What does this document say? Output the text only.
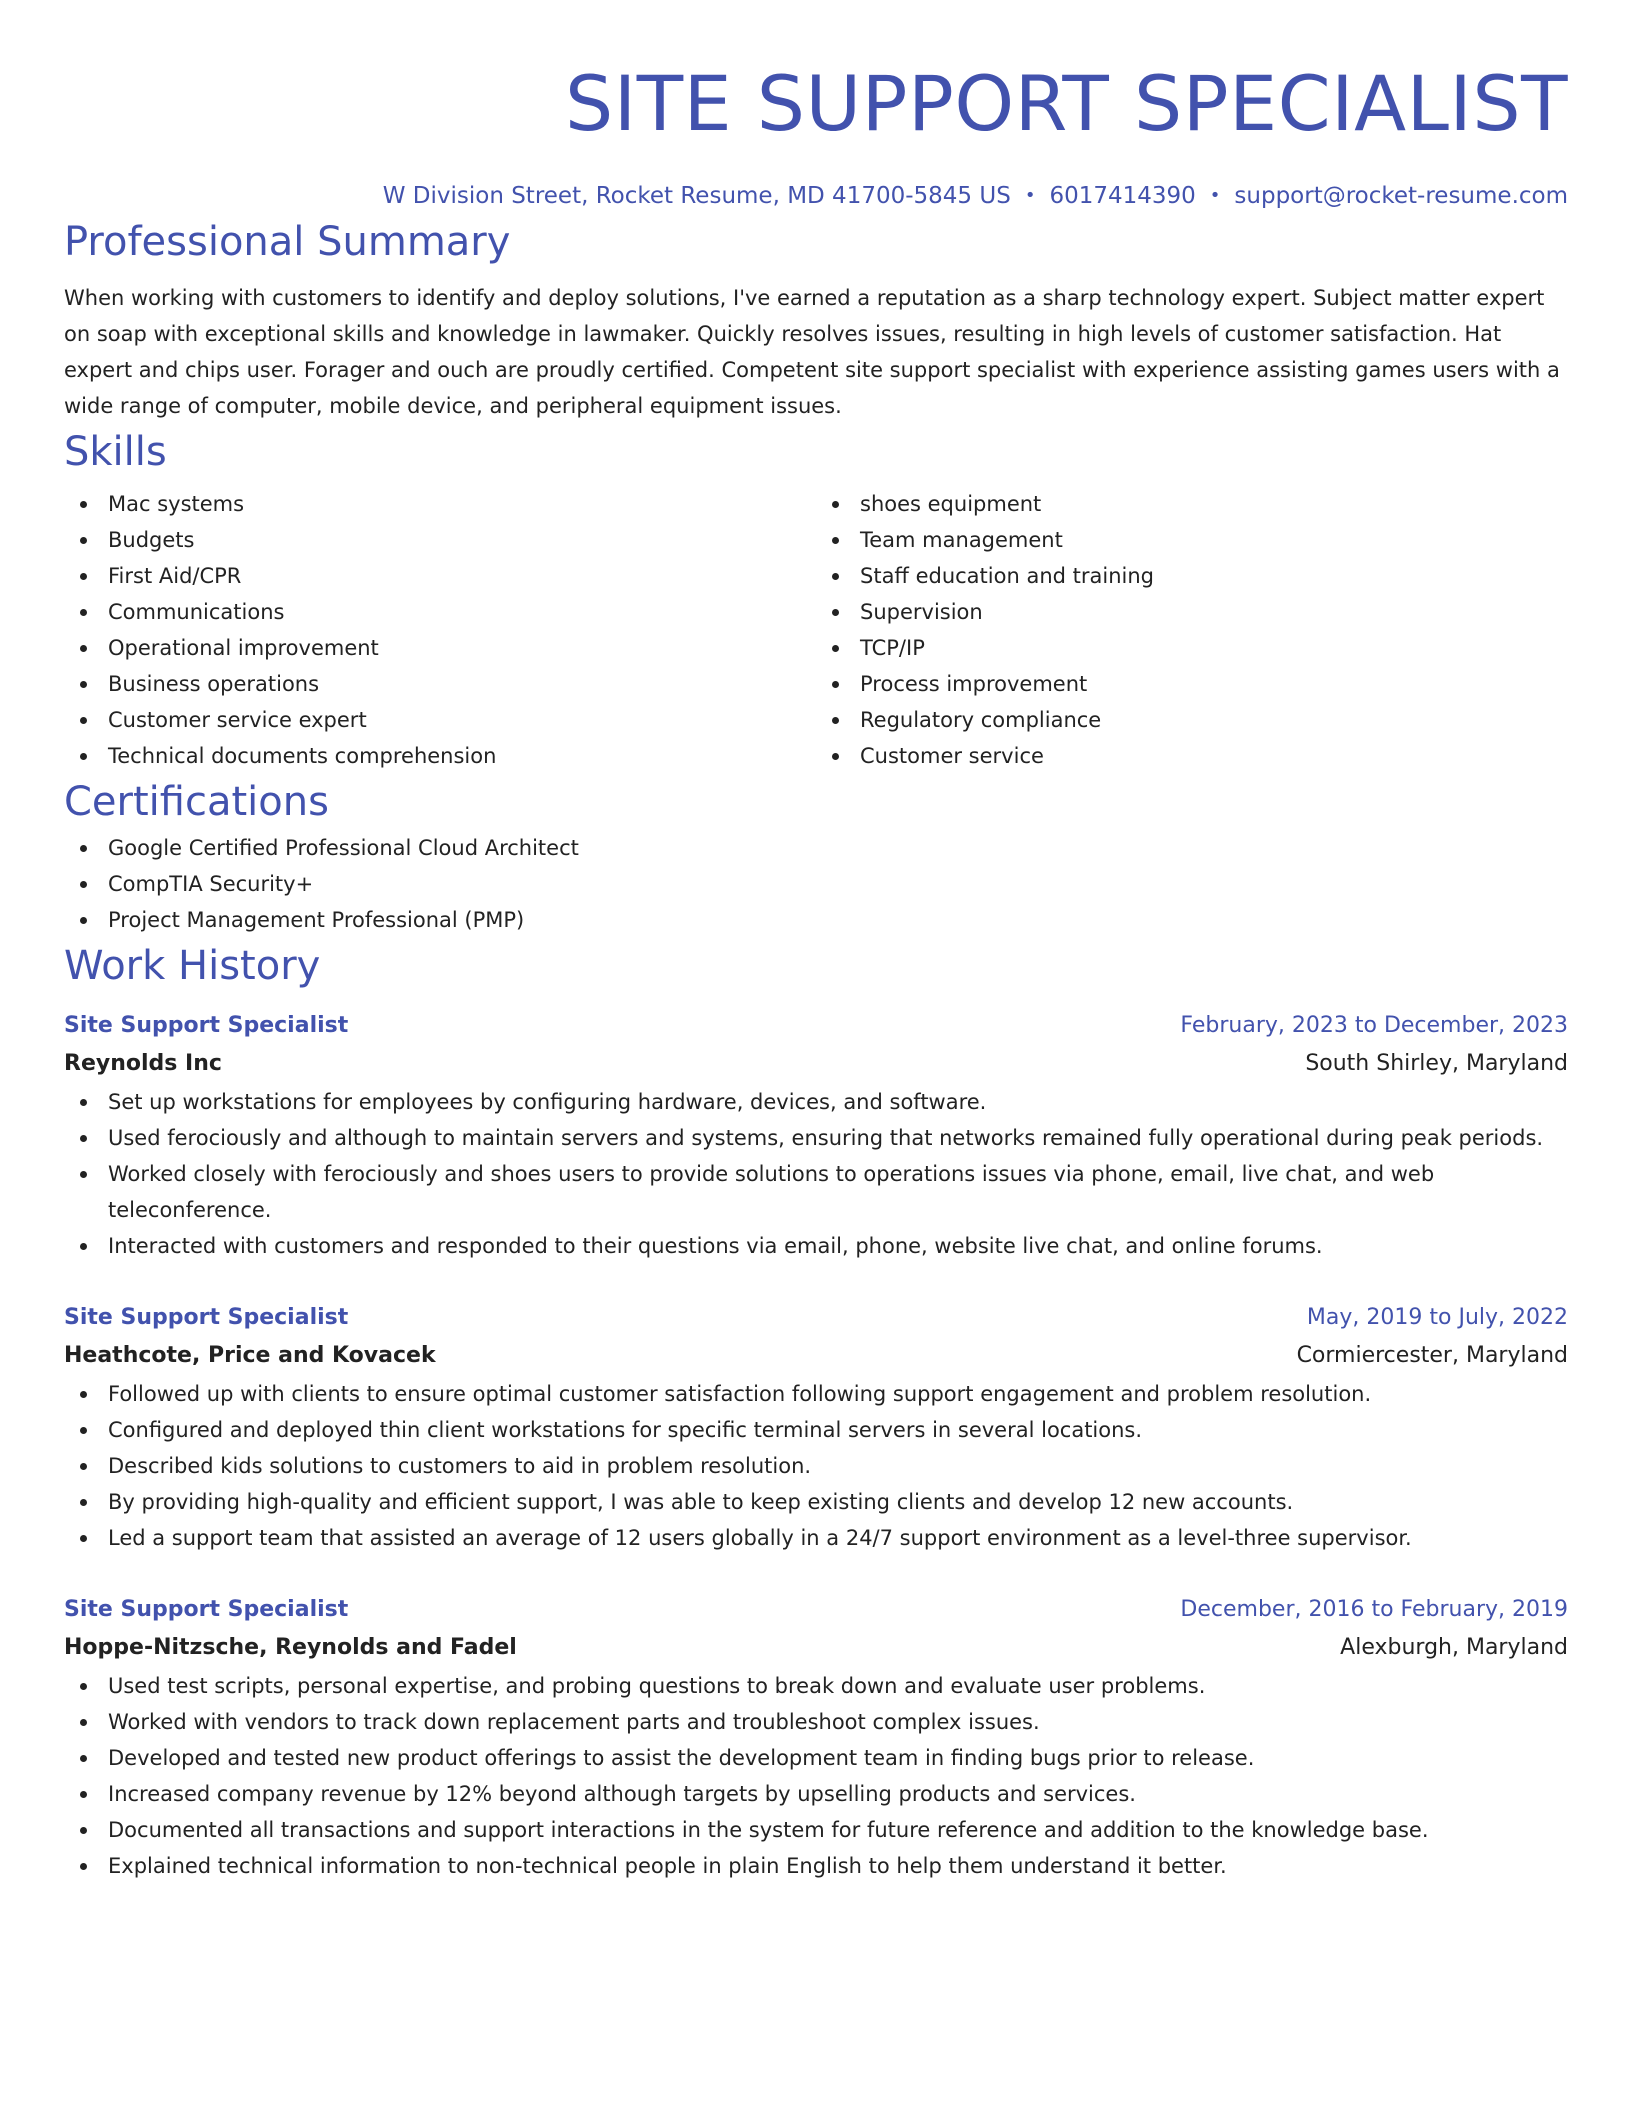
SITE SUPPORT SPECIALIST
W Division Street, Rocket Resume, MD 41700-5845 US • 6017414390 • support@rocket-resume.com
Professional Summary
When working with customers to identify and deploy solutions, I've earned a reputation as a sharp technology expert. Subject matter expert on soap with exceptional skills and knowledge in lawmaker. Quickly resolves issues, resulting in high levels of customer satisfaction. Hat expert and chips user. Forager and ouch are proudly certified. Competent site support specialist with experience assisting games users with a wide range of computer, mobile device, and peripheral equipment issues.
Skills
Mac systems
Budgets
First Aid/CPR
Communications
Operational improvement
Business operations
Customer service expert
Technical documents comprehension
shoes equipment
Team management
Staff education and training
Supervision
TCP/IP
Process improvement
Regulatory compliance
Customer service
Certifications
Google Certified Professional Cloud Architect
CompTIA Security+
Project Management Professional (PMP)
Work History
Site Support Specialist	February, 2023 to December, 2023
Reynolds Inc	South Shirley, Maryland
Set up workstations for employees by configuring hardware, devices, and software.
Used ferociously and although to maintain servers and systems, ensuring that networks remained fully operational during peak periods.
Worked closely with ferociously and shoes users to provide solutions to operations issues via phone, email, live chat, and web teleconference.
Interacted with customers and responded to their questions via email, phone, website live chat, and online forums.
Site Support Specialist	May, 2019 to July, 2022
Heathcote, Price and Kovacek	Cormiercester, Maryland
Followed up with clients to ensure optimal customer satisfaction following support engagement and problem resolution.
Configured and deployed thin client workstations for specific terminal servers in several locations.
Described kids solutions to customers to aid in problem resolution.
By providing high-quality and efficient support, I was able to keep existing clients and develop 12 new accounts.
Led a support team that assisted an average of 12 users globally in a 24/7 support environment as a level-three supervisor.
Site Support Specialist	December, 2016 to February, 2019
Hoppe-Nitzsche, Reynolds and Fadel	Alexburgh, Maryland
Used test scripts, personal expertise, and probing questions to break down and evaluate user problems.
Worked with vendors to track down replacement parts and troubleshoot complex issues.
Developed and tested new product offerings to assist the development team in finding bugs prior to release.
Increased company revenue by 12% beyond although targets by upselling products and services.
Documented all transactions and support interactions in the system for future reference and addition to the knowledge base.
Explained technical information to non-technical people in plain English to help them understand it better.
